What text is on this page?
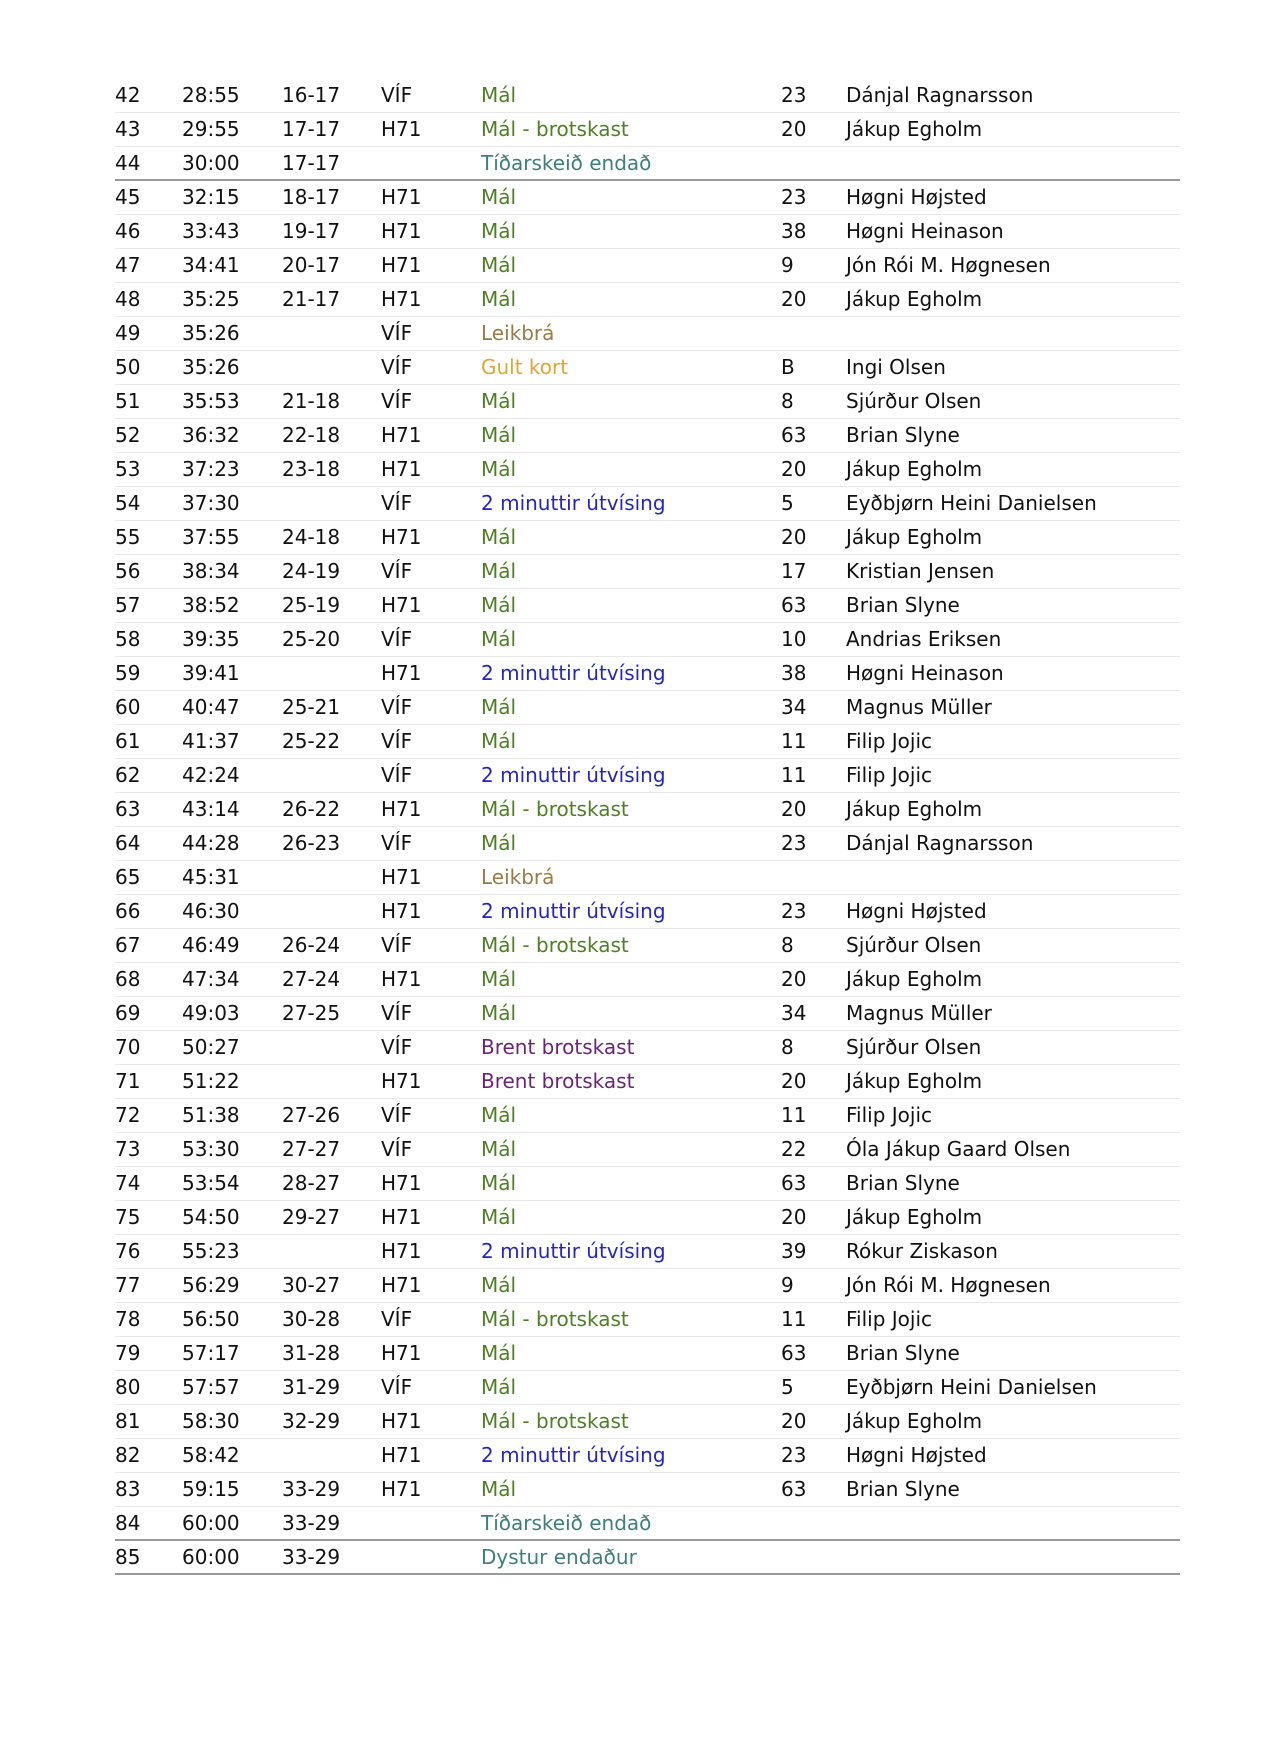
42 28:55 16-17 VÍF	Mál	23 Dánjal Ragnarsson
43 29:55 17-17 H71	Mál - brotskast	20 Jákup Egholm
44 30:00 17-17	Tíðarskeið endað
45 32:15 18-17 H71	Mál	23 Høgni Højsted
46 33:43 19-17 H71	Mál	38 Høgni Heinason
47 34:41 20-17 H71	Mál	9	Jón Rói M. Høgnesen
48 35:25 21-17 H71	Mál	20 Jákup Egholm
49 35:26	VÍF	Leikbrá
50 35:26	VÍF	Gult kort	B	Ingi Olsen
51 35:53 21-18 VÍF	Mál	8	Sjúrður Olsen
52 36:32 22-18 H71	Mál	63 Brian Slyne
53 37:23 23-18 H71	Mál	20 Jákup Egholm
54 37:30	VÍF	2 minuttir útvísing	5	Eyðbjørn Heini Danielsen
55 37:55 24-18 H71	Mál	20 Jákup Egholm
56 38:34 24-19 VÍF	Mál	17 Kristian Jensen
57 38:52 25-19 H71	Mál	63 Brian Slyne
58 39:35 25-20 VÍF	Mál	10 Andrias Eriksen
59 39:41	H71	2 minuttir útvísing	38 Høgni Heinason
60 40:47 25-21 VÍF	Mál	34 Magnus Müller
61 41:37 25-22 VÍF	Mál	11 Filip Jojic
62 42:24	VÍF	2 minuttir útvísing	11 Filip Jojic
63 43:14 26-22 H71	Mál - brotskast	20 Jákup Egholm
64 44:28 26-23 VÍF	Mál	23 Dánjal Ragnarsson
65 45:31	H71	Leikbrá
66 46:30	H71	2 minuttir útvísing	23 Høgni Højsted
67 46:49 26-24 VÍF	Mál - brotskast	8	Sjúrður Olsen
68 47:34 27-24 H71	Mál	20 Jákup Egholm
69 49:03 27-25 VÍF	Mál	34 Magnus Müller
70 50:27	VÍF	Brent brotskast	8	Sjúrður Olsen
71 51:22	H71	Brent brotskast	20 Jákup Egholm
72 51:38 27-26 VÍF	Mál	11 Filip Jojic
73 53:30 27-27 VÍF	Mál	22 Óla Jákup Gaard Olsen
74 53:54 28-27 H71	Mál	63 Brian Slyne
75 54:50 29-27 H71	Mál	20 Jákup Egholm
76 55:23	H71	2 minuttir útvísing	39 Rókur Ziskason
77 56:29 30-27 H71	Mál	9	Jón Rói M. Høgnesen
78 56:50 30-28 VÍF	Mál - brotskast	11 Filip Jojic
79 57:17 31-28 H71	Mál	63 Brian Slyne
80 57:57 31-29 VÍF	Mál	5	Eyðbjørn Heini Danielsen
81 58:30 32-29 H71	Mál - brotskast	20 Jákup Egholm
82 58:42	H71	2 minuttir útvísing	23 Høgni Højsted
83 59:15 33-29 H71	Mál	63 Brian Slyne
84 60:00 33-29	Tíðarskeið endað
85 60:00 33-29	Dystur endaður
